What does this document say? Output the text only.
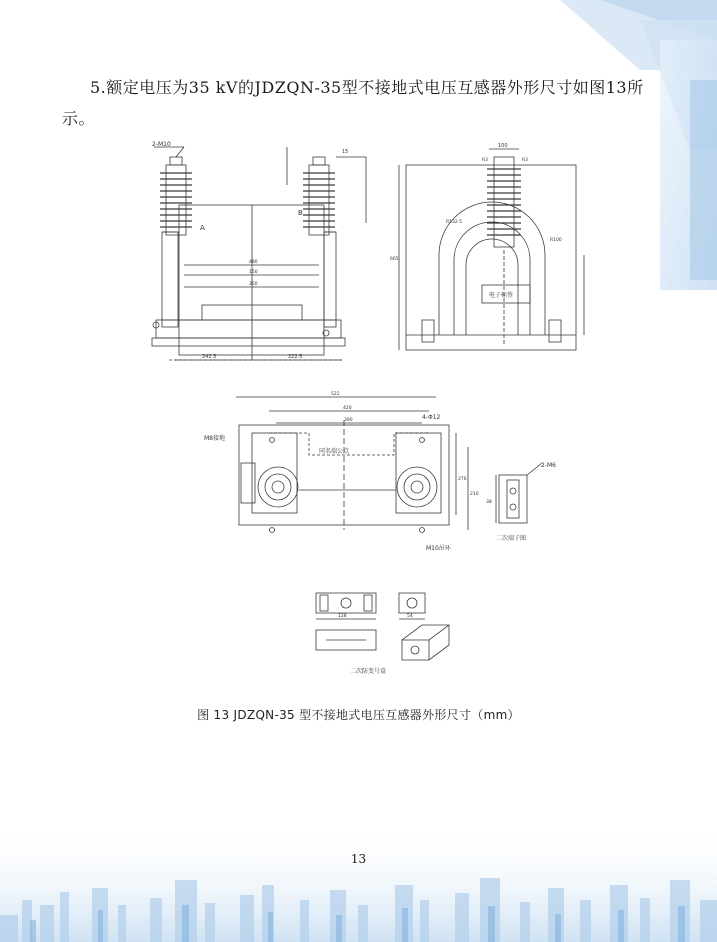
5.额定电压为35 kV的JDZQN-35型不接地式电压互感器外形尺寸如图13所示。
2-M10
A
B
15
480
150
350
242.5	222.5
100
R3	R3
R132.5
R100
电子标签
665
522
420
390	4-Φ12
M8接地
同名端公点
M10吊环
276
210
2-M6
38
二次端子图
128	54
二次防变号盒
图 13 JDZQN-35 型不接地式电压互感器外形尺寸（mm）
13
